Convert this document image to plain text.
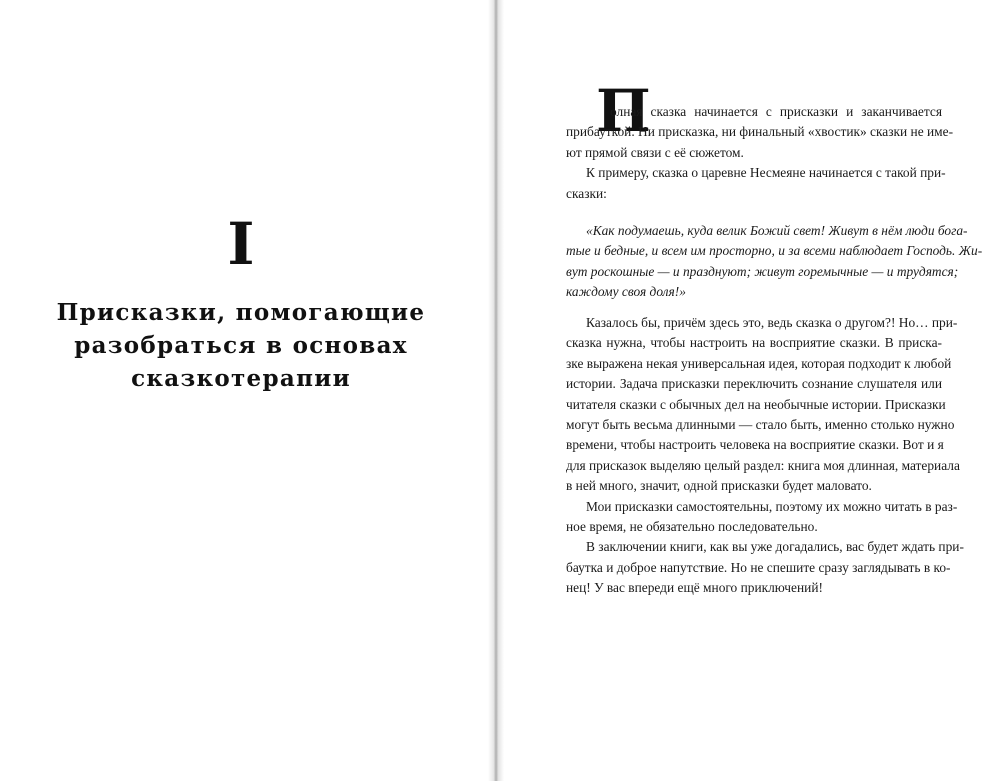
I
Присказки, помогающие
разобраться в основах
сказкотерапии
П
олная сказка начинается с присказки и заканчивается
прибауткой. Ни присказка, ни финальный «хвостик» сказки не име-
ют прямой связи с её сюжетом.
К примеру, сказка о царевне Несмеяне начинается с такой при-
сказки:
«Как подумаешь, куда велик Божий свет! Живут в нём люди бога-
тые и бедные, и всем им просторно, и за всеми наблюдает Господь. Жи-
вут роскошные — и празднуют; живут горемычные — и трудятся;
каждому своя доля!»
Казалось бы, причём здесь это, ведь сказка о другом?! Но… при-
сказка нужна, чтобы настроить на восприятие сказки. В приска-
зке выражена некая универсальная идея, которая подходит к любой
истории. Задача присказки переключить сознание слушателя или
читателя сказки с обычных дел на необычные истории. Присказки
могут быть весьма длинными — стало быть, именно столько нужно
времени, чтобы настроить человека на восприятие сказки. Вот и я
для присказок выделяю целый раздел: книга моя длинная, материала
в ней много, значит, одной присказки будет маловато.
Мои присказки самостоятельны, поэтому их можно читать в раз-
ное время, не обязательно последовательно.
В заключении книги, как вы уже догадались, вас будет ждать при-
баутка и доброе напутствие. Но не спешите сразу заглядывать в ко-
нец! У вас впереди ещё много приключений!
